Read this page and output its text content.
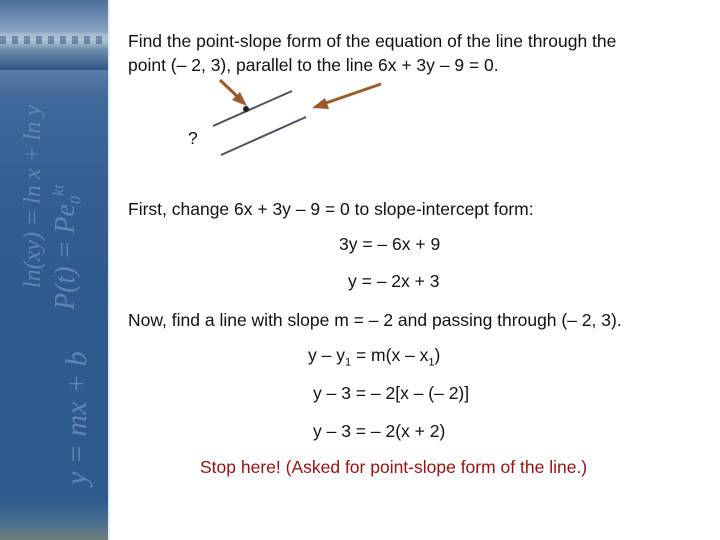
ln(xy) = ln x + ln y $P(t) = Pe_0^{kt}$
y = mx + b
Find the point-slope form of the equation of the line through the
point (– 2, 3), parallel to the line 6x + 3y – 9 = 0.
?
First, change 6x + 3y – 9 = 0 to slope-intercept form:
3y = – 6x + 9
y = – 2x + 3
Now, find a line with slope m = – 2 and passing through (– 2, 3).
$y - y_1 = m(x - x_1)$
y – 3 = – 2[x – (– 2)]
y – 3 = – 2(x + 2)
Stop here! (Asked for point-slope form of the line.)
